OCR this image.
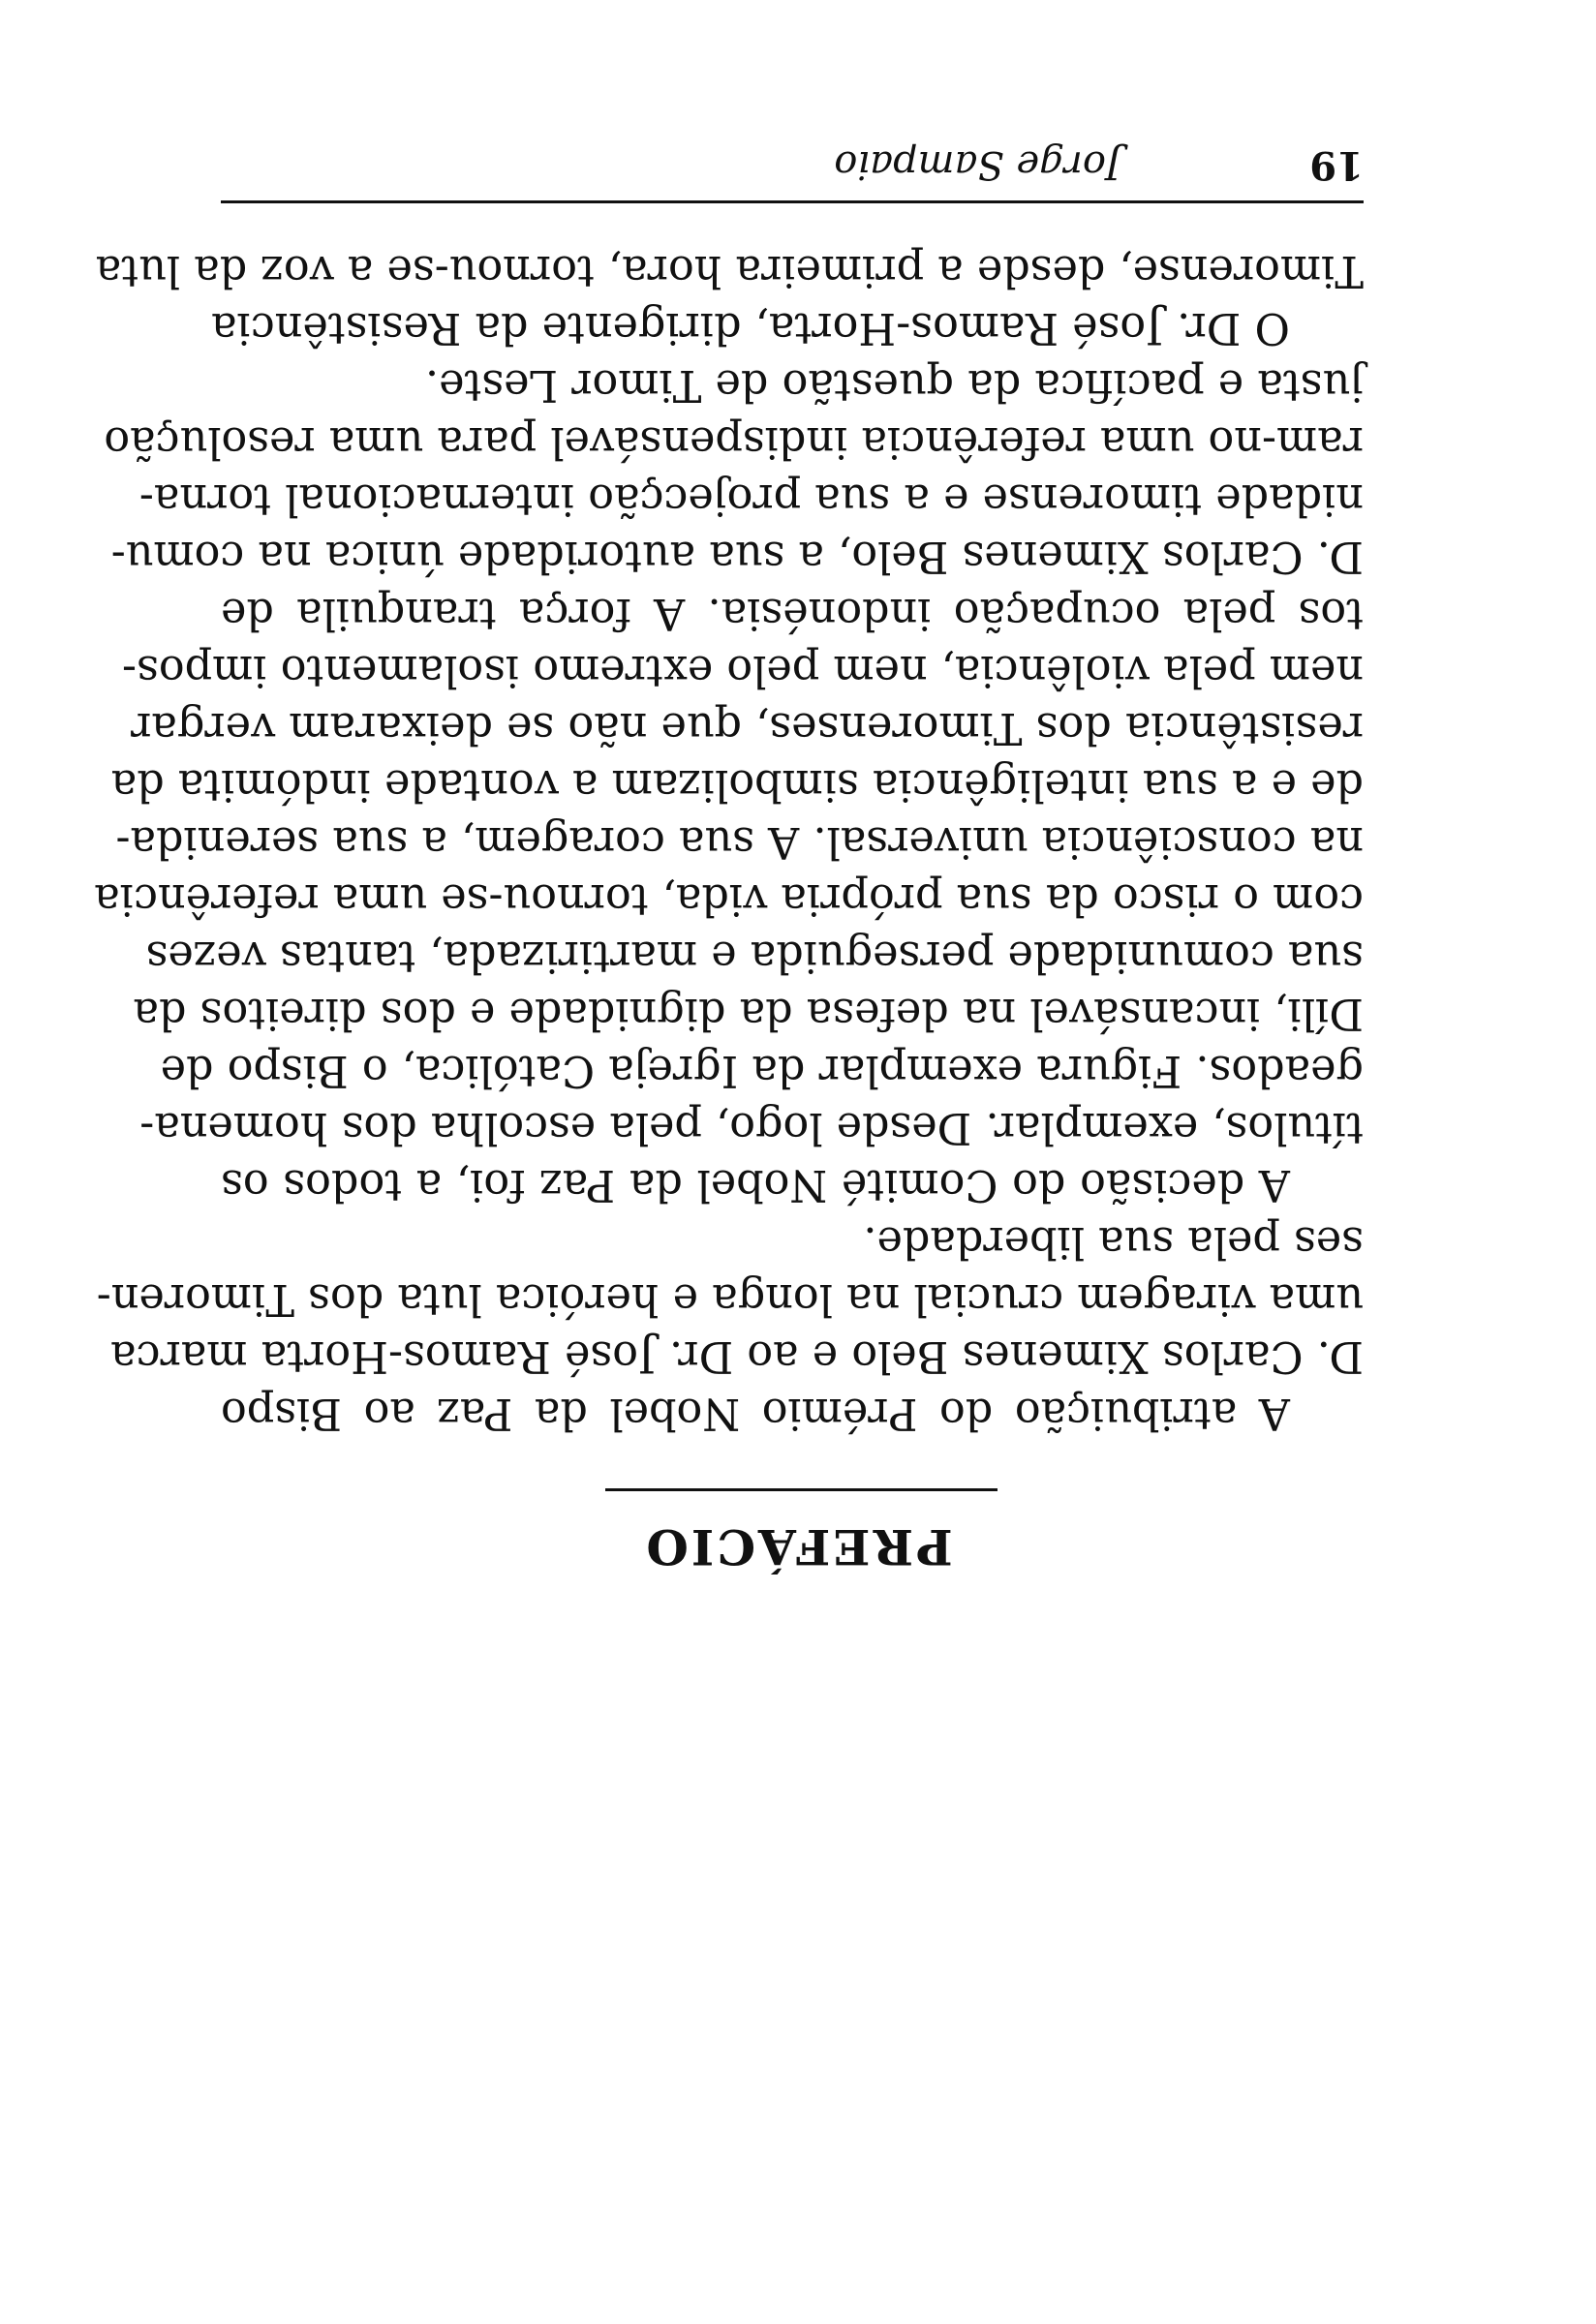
19
Jorge Sampaio
PREFÁCIO
A atribuição do Prémio Nobel da Paz ao Bispo
D. Carlos Ximenes Belo e ao Dr. José Ramos-Horta marca
uma viragem crucial na longa e heróica luta dos Timoren-
ses pela sua liberdade.
A decisão do Comité Nobel da Paz foi, a todos os
títulos, exemplar. Desde logo, pela escolha dos homena-
geados. Figura exemplar da Igreja Católica, o Bispo de
Díli, incansável na defesa da dignidade e dos direitos da
sua comunidade perseguida e martirizada, tantas vezes
com o risco da sua própria vida, tornou-se uma referência
na consciência universal. A sua coragem, a sua serenida-
de e a sua inteligência simbolizam a vontade indómita da
resistência dos Timorenses, que não se deixaram vergar
nem pela violência, nem pelo extremo isolamento impos-
tos pela ocupação indonésia. A força tranquila de
D. Carlos Ximenes Belo, a sua autoridade única na comu-
nidade timorense e a sua projecção internacional torna-
ram-no uma referência indispensável para uma resolução
justa e pacífica da questão de Timor Leste.
O Dr. José Ramos-Horta, dirigente da Resistência
Timorense, desde a primeira hora, tornou-se a voz da luta
